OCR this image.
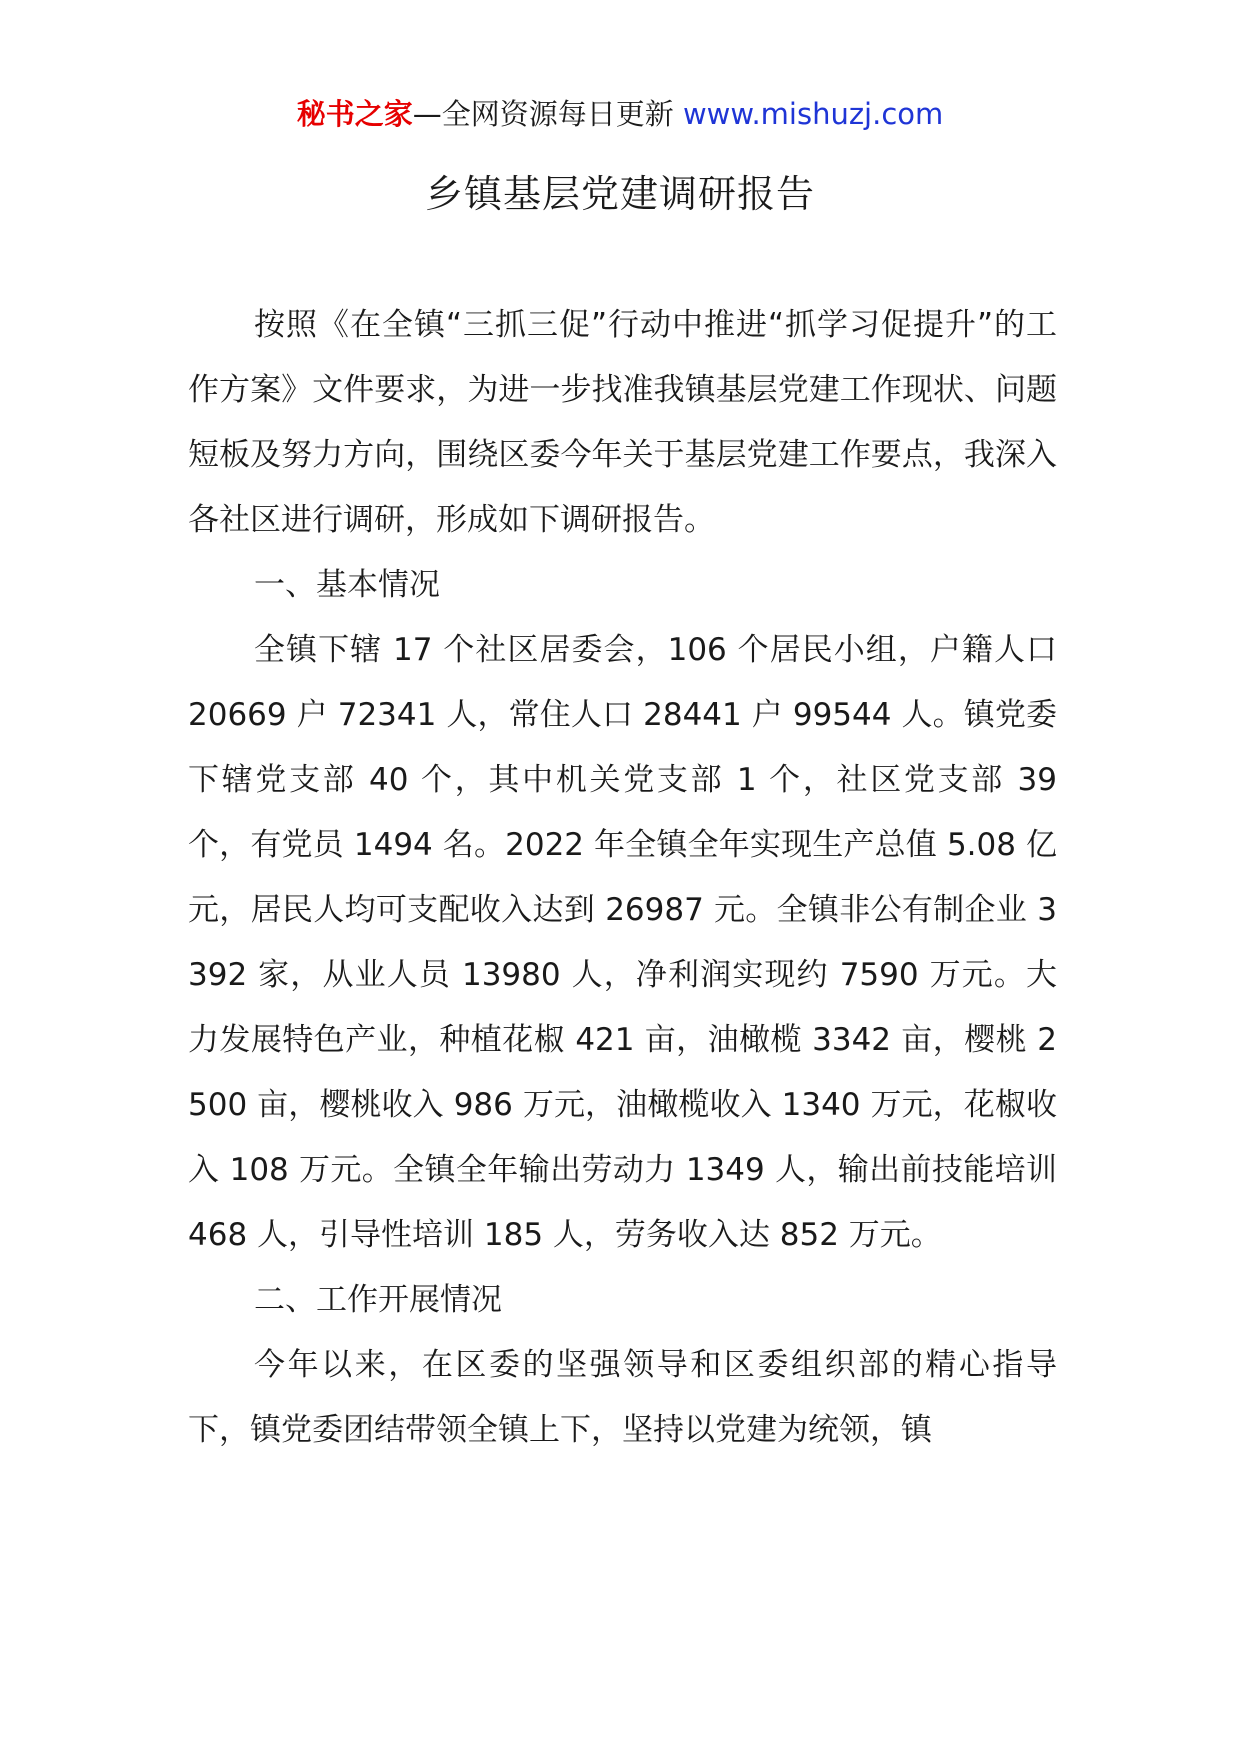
秘书之家—全网资源每日更新 www.mishuzj.com
乡镇基层党建调研报告

按照《在全镇“三抓三促”行动中推进“抓学习促提升”的工作方案》文件要求，为进一步找准我镇基层党建工作现状、问题短板及努力方向，围绕区委今年关于基层党建工作要点，我深入各社区进行调研，形成如下调研报告。

一、基本情况

全镇下辖 17 个社区居委会，106 个居民小组，户籍人口 20669 户 72341 人，常住人口 28441 户 99544 人。镇党委下辖党支部 40 个，其中机关党支部 1 个，社区党支部 39 个，有党员 1494 名。2022 年全镇全年实现生产总值 5.08 亿元，居民人均可支配收入达到 26987 元。全镇非公有制企业 3392 家，从业人员 13980 人，净利润实现约 7590 万元。大力发展特色产业，种植花椒 421 亩，油橄榄 3342 亩，樱桃 2500 亩，樱桃收入 986 万元，油橄榄收入 1340 万元，花椒收入 108 万元。全镇全年输出劳动力 1349 人，输出前技能培训 468 人，引导性培训 185 人，劳务收入达 852 万元。

二、工作开展情况

今年以来，在区委的坚强领导和区委组织部的精心指导下，镇党委团结带领全镇上下，坚持以党建为统领，镇
